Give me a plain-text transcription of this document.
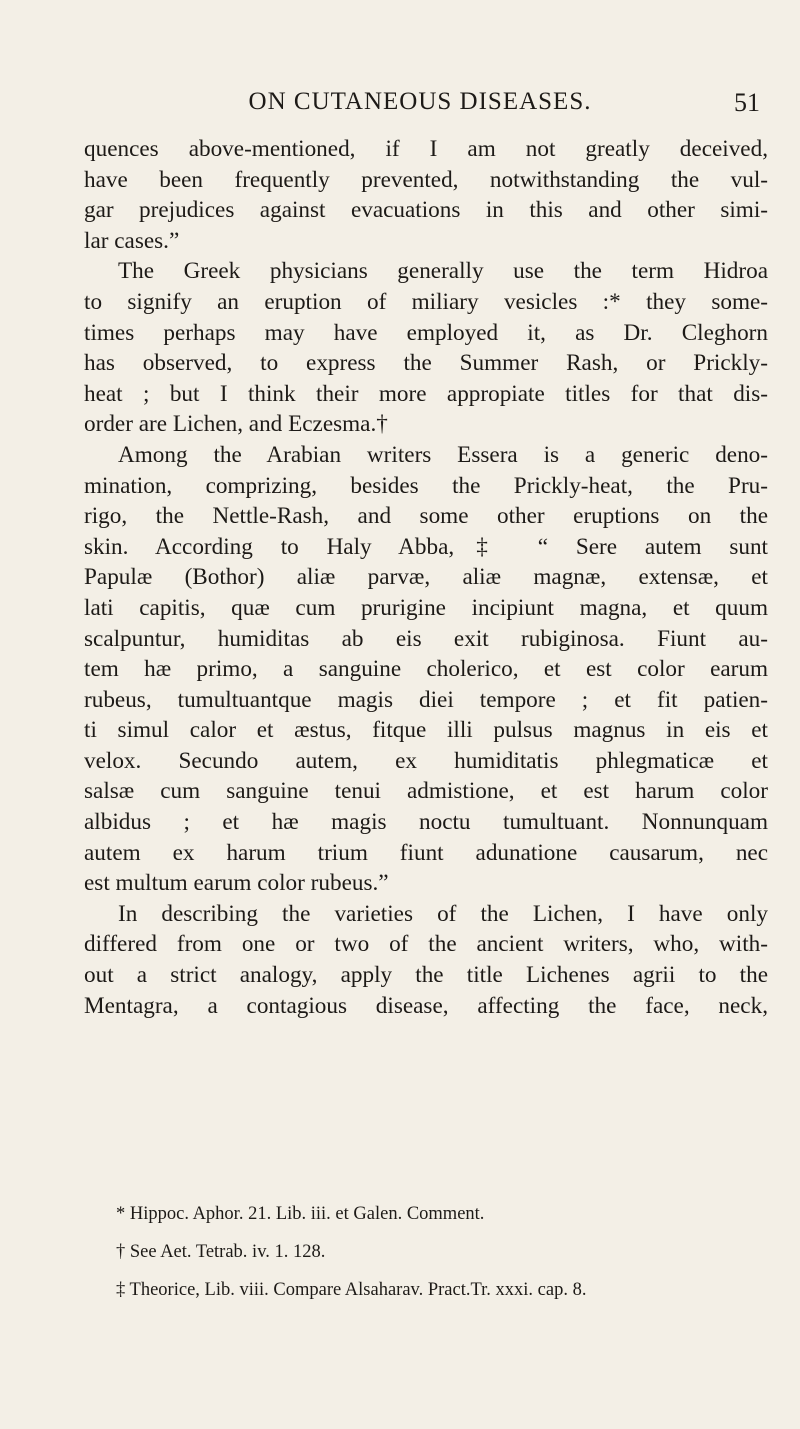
ON CUTANEOUS DISEASES.	51
quences above-mentioned, if I am not greatly deceived,
have been frequently prevented, notwithstanding the vul-
gar prejudices against evacuations in this and other simi-
lar cases.”
The Greek physicians generally use the term Hidroa
to signify an eruption of miliary vesicles :* they some-
times perhaps may have employed it, as Dr. Cleghorn
has observed, to express the Summer Rash, or Prickly-
heat ; but I think their more appropiate titles for that dis-
order are Lichen, and Eczesma.†
Among the Arabian writers Essera is a generic deno-
mination, comprizing, besides the Prickly-heat, the Pru-
rigo, the Nettle-Rash, and some other eruptions on the
skin. According to Haly Abba,‡ “ Sere autem sunt
Papulæ (Bothor) aliæ parvæ, aliæ magnæ, extensæ, et
lati capitis, quæ cum prurigine incipiunt magna, et quum
scalpuntur, humiditas ab eis exit rubiginosa. Fiunt au-
tem hæ primo, a sanguine cholerico, et est color earum
rubeus, tumultuantque magis diei tempore ; et fit patien-
ti simul calor et æstus, fitque illi pulsus magnus in eis et
velox. Secundo autem, ex humiditatis phlegmaticæ et
salsæ cum sanguine tenui admistione, et est harum color
albidus ; et hæ magis noctu tumultuant. Nonnunquam
autem ex harum trium fiunt adunatione causarum, nec
est multum earum color rubeus.”
In describing the varieties of the Lichen, I have only
differed from one or two of the ancient writers, who, with-
out a strict analogy, apply the title Lichenes agrii to the
Mentagra, a contagious disease, affecting the face, neck,
* Hippoc. Aphor. 21. Lib. iii. et Galen. Comment.
† See Aet. Tetrab. iv. 1. 128.
‡ Theorice, Lib. viii. Compare Alsaharav. Pract.Tr. xxxi. cap. 8.
